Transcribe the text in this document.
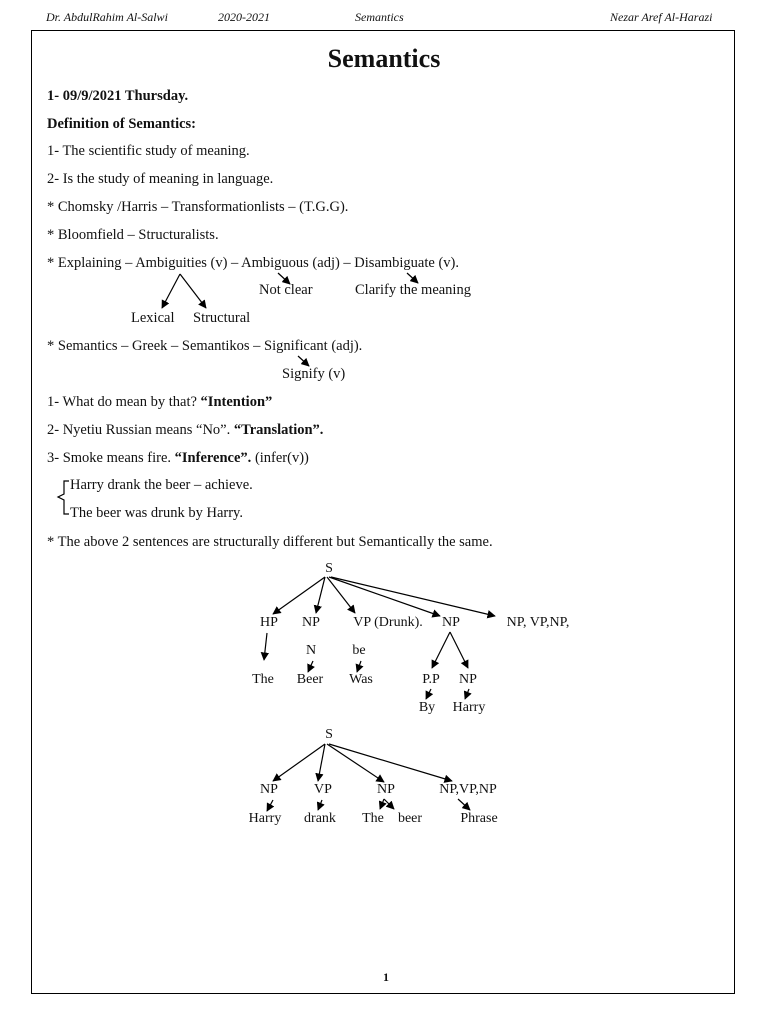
Dr. AbdulRahim Al-Salwi	2020-2021	Semantics	Nezar Aref Al-Harazi
Semantics
1- 09/9/2021 Thursday.
Definition of Semantics:
1- The scientific study of meaning.
2- Is the study of meaning in language.
* Chomsky /Harris – Transformationlists – (T.G.G).
* Bloomfield – Structuralists.
* Explaining – Ambiguities (v) – Ambiguous (adj) – Disambiguate (v).
Not clear	Clarify the meaning
Lexical Structural
* Semantics – Greek – Semantikos – Significant (adj).
Signify (v)
1- What do mean by that? “Intention”
2- Nyetiu Russian means “No”. “Translation”.
3- Smoke means fire. “Inference”. (infer(v))
Harry drank the beer – achieve.
The beer was drunk by Harry.
* The above 2 sentences are structurally different but Semantically the same.
S
HP NP VP (Drunk). NP	NP, VP,NP,
N	be
The Beer Was	P.P NP
By Harry
S
NP	VP	NP	NP,VP,NP
Harry drank The beer	Phrase
1
